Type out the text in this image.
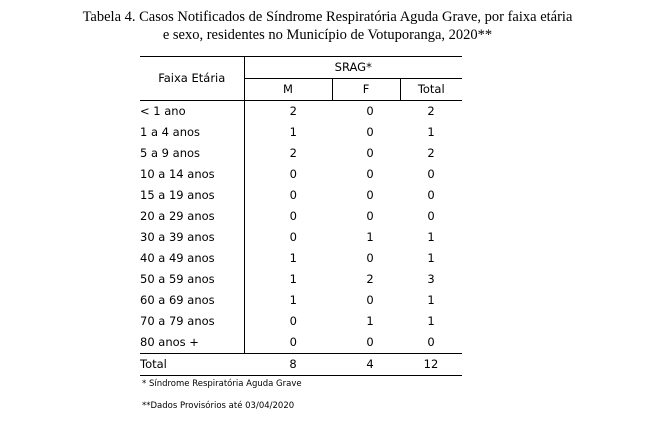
Tabela 4. Casos Notificados de Síndrome Respiratória Aguda Grave, por faixa etária
e sexo, residentes no Município de Votuporanga, 2020**
Faixa Etária	SRAG*		
	M	F	Total
< 1 ano	2	0	2
1 a 4 anos	1	0	1
5 a 9 anos	2	0	2
10 a 14 anos	0	0	0
15 a 19 anos	0	0	0
20 a 29 anos	0	0	0
30 a 39 anos	0	1	1
40 a 49 anos	1	0	1
50 a 59 anos	1	2	3
60 a 69 anos	1	0	1
70 a 79 anos	0	1	1
80 anos +	0	0	0
Total	8	4	12
* Síndrome Respiratória Aguda Grave
**Dados Provisórios até 03/04/2020
